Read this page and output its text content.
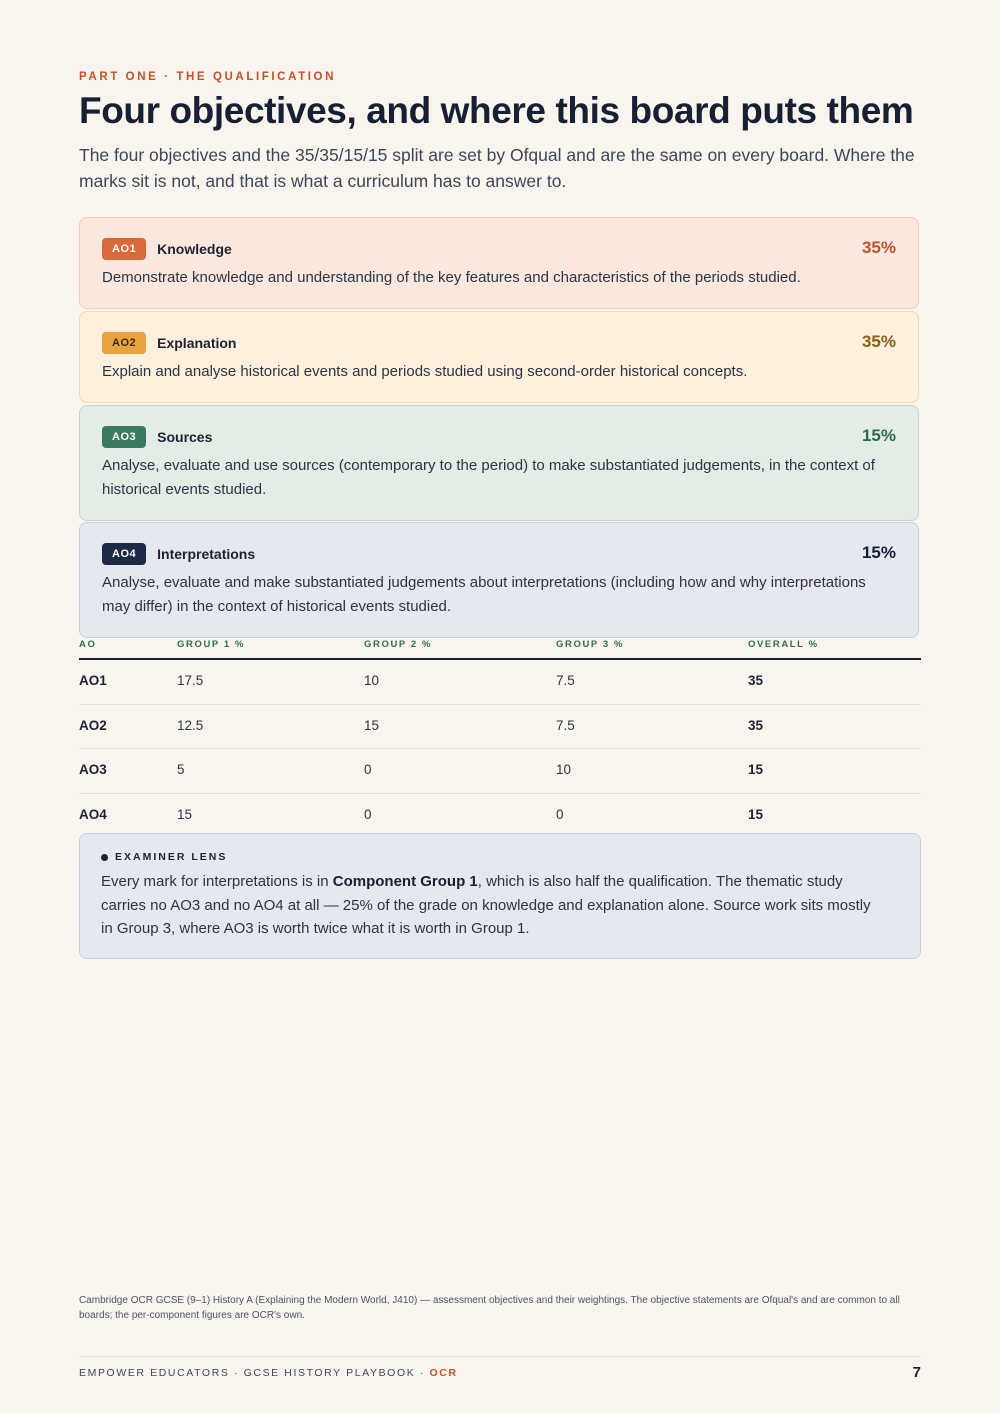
PART ONE · THE QUALIFICATION
Four objectives, and where this board puts them
The four objectives and the 35/35/15/15 split are set by Ofqual and are the same on every board. Where the marks sit is not, and that is what a curriculum has to answer to.
AO1	Knowledge	35%
Demonstrate knowledge and understanding of the key features and characteristics of the periods studied.
AO2	Explanation	35%
Explain and analyse historical events and periods studied using second-order historical concepts.
AO3	Sources	15%
Analyse, evaluate and use sources (contemporary to the period) to make substantiated judgements, in the context of historical events studied.
AO4	Interpretations	15%
Analyse, evaluate and make substantiated judgements about interpretations (including how and why interpretations may differ) in the context of historical events studied.
AO	GROUP 1 %	GROUP 2 %	GROUP 3 %	OVERALL %
AO1	17.5	10	7.5	35
AO2	12.5	15	7.5	35
AO3	5	0	10	15
AO4	15	0	0	15
EXAMINER LENS
Every mark for interpretations is in Component Group 1, which is also half the qualification. The thematic study carries no AO3 and no AO4 at all — 25% of the grade on knowledge and explanation alone. Source work sits mostly in Group 3, where AO3 is worth twice what it is worth in Group 1.
Cambridge OCR GCSE (9–1) History A (Explaining the Modern World, J410) — assessment objectives and their weightings. The objective statements are Ofqual's and are common to all boards; the per-component figures are OCR's own.
EMPOWER EDUCATORS · GCSE HISTORY PLAYBOOK · OCR	7
